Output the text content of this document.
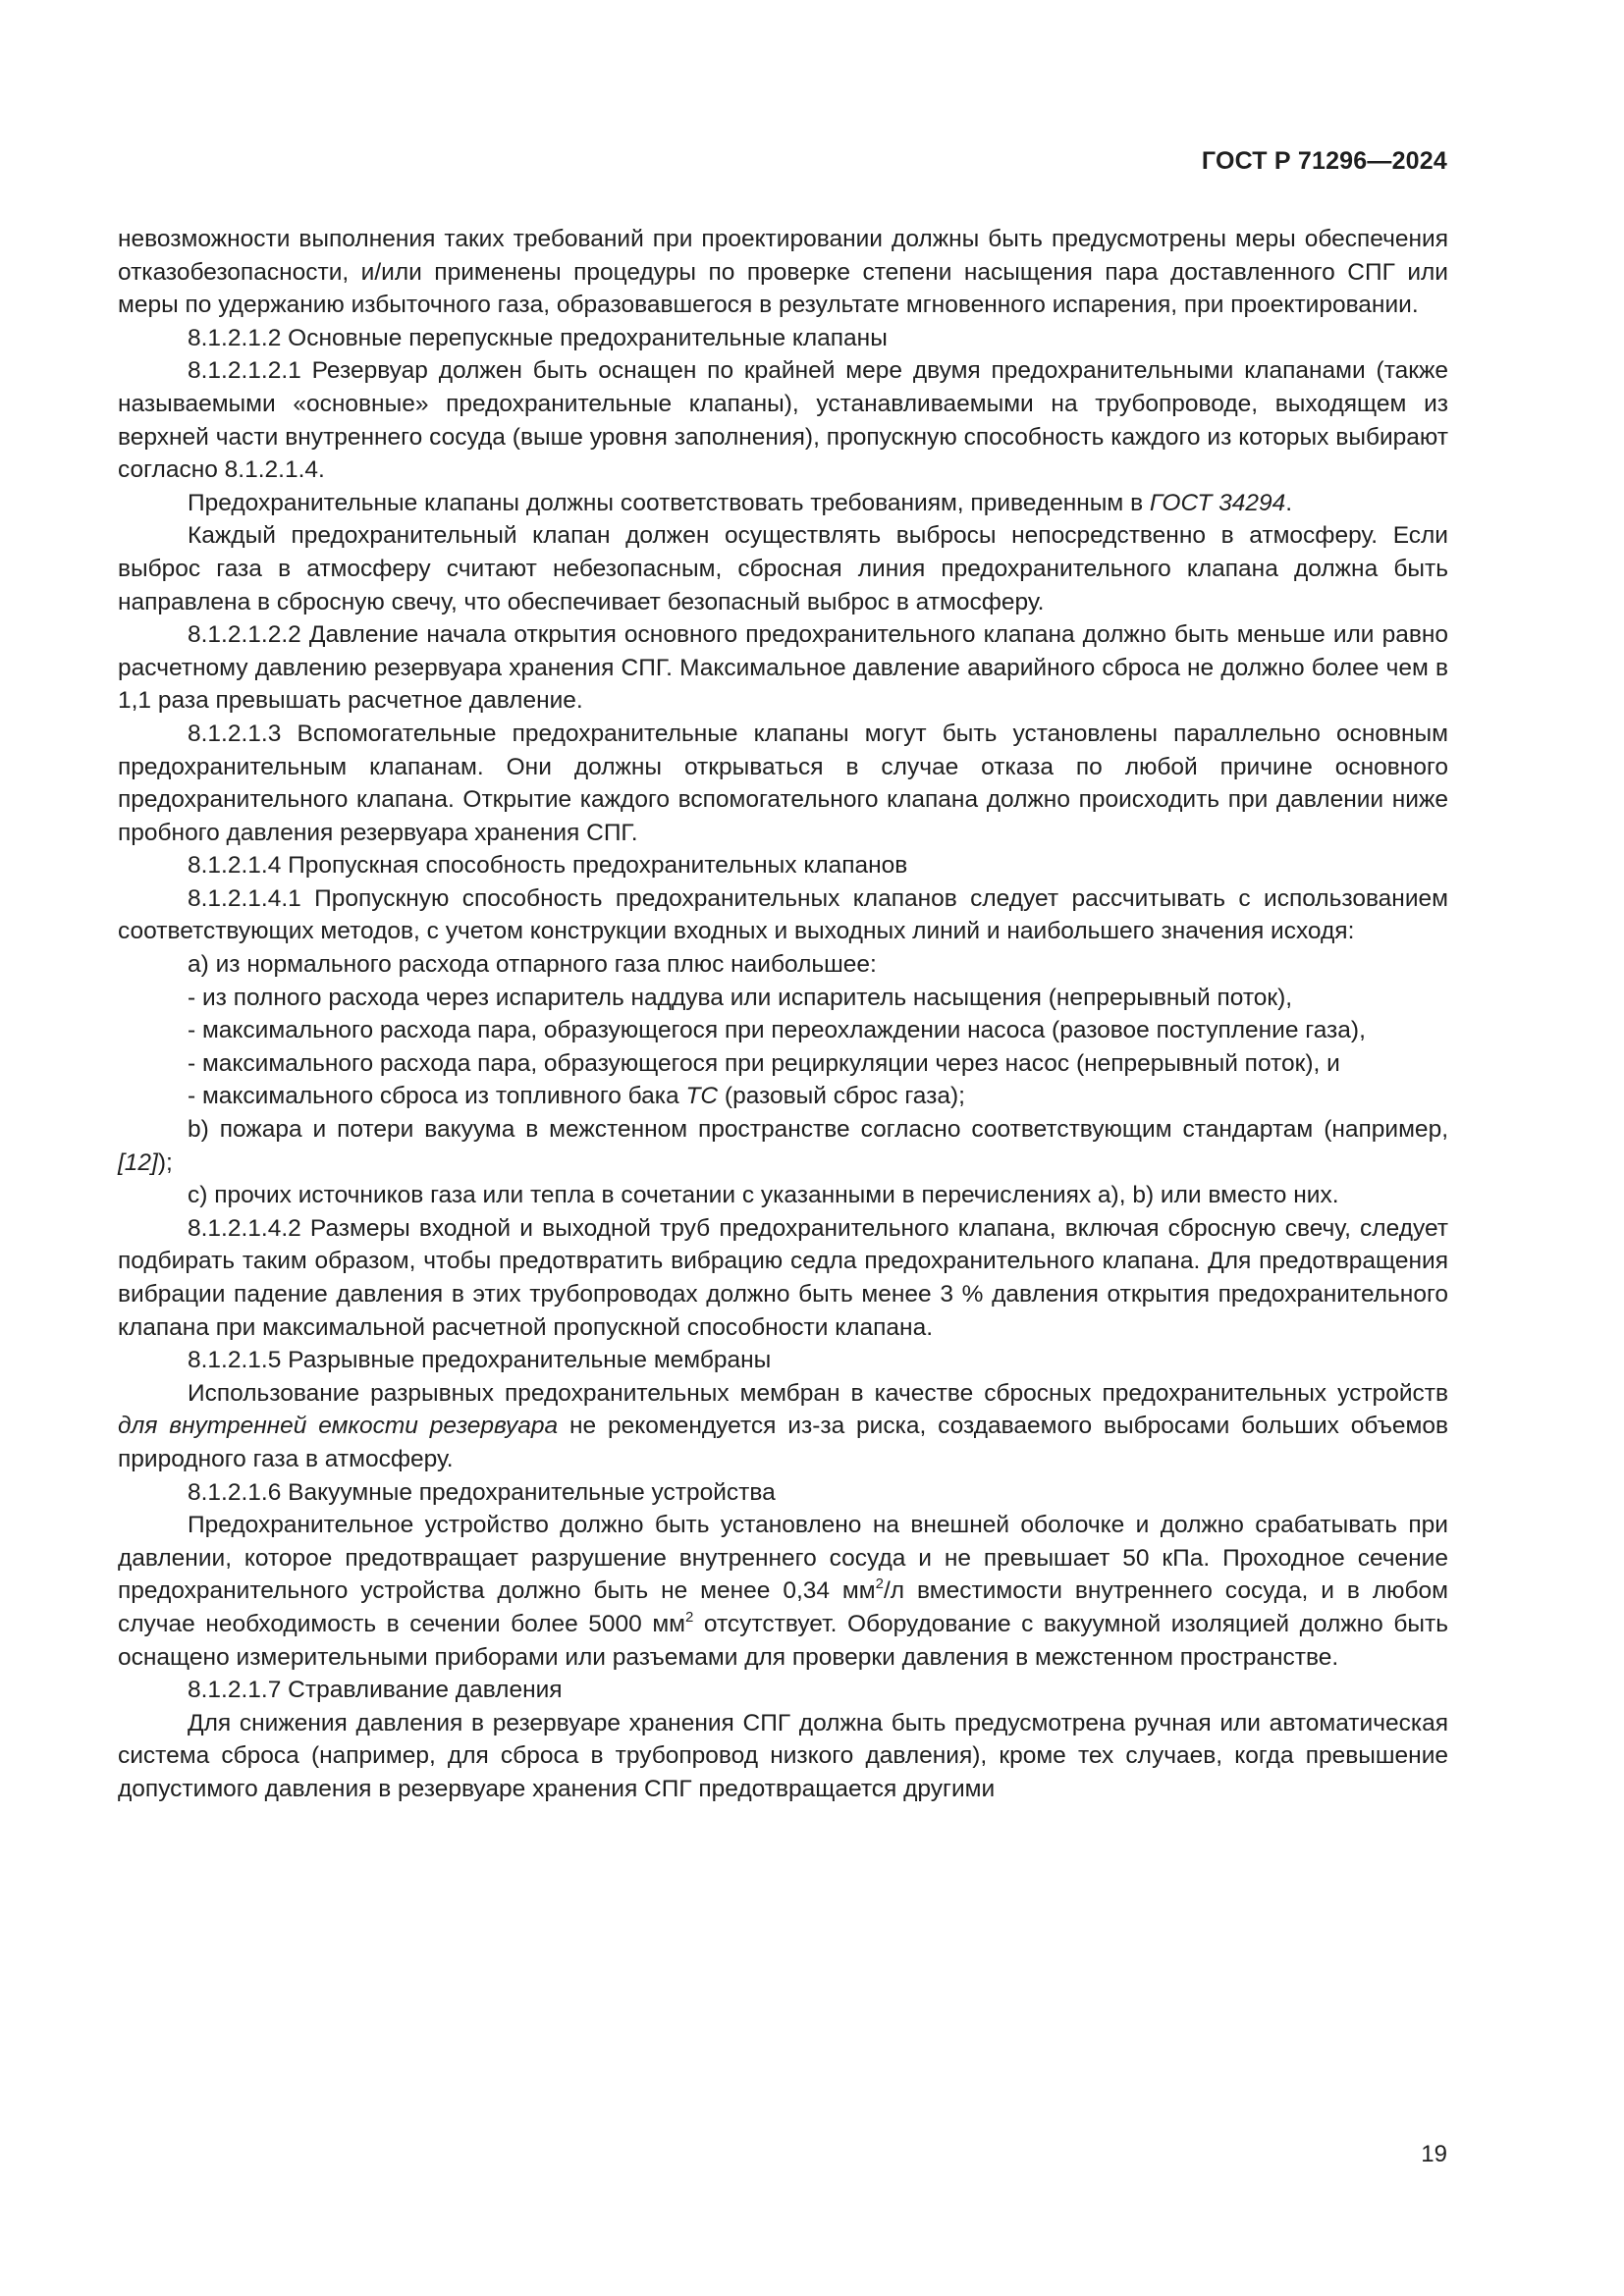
ГОСТ Р 71296—2024

невозможности выполнения таких требований при проектировании должны быть предусмотрены меры обеспечения отказобезопасности, и/или применены процедуры по проверке степени насыщения пара доставленного СПГ или меры по удержанию избыточного газа, образовавшегося в результате мгновенного испарения, при проектировании.

8.1.2.1.2 Основные перепускные предохранительные клапаны

8.1.2.1.2.1 Резервуар должен быть оснащен по крайней мере двумя предохранительными клапанами (также называемыми «основные» предохранительные клапаны), устанавливаемыми на трубопроводе, выходящем из верхней части внутреннего сосуда (выше уровня заполнения), пропускную способность каждого из которых выбирают согласно 8.1.2.1.4.

Предохранительные клапаны должны соответствовать требованиям, приведенным в ГОСТ 34294.

Каждый предохранительный клапан должен осуществлять выбросы непосредственно в атмосферу. Если выброс газа в атмосферу считают небезопасным, сбросная линия предохранительного клапана должна быть направлена в сбросную свечу, что обеспечивает безопасный выброс в атмосферу.

8.1.2.1.2.2 Давление начала открытия основного предохранительного клапана должно быть меньше или равно расчетному давлению резервуара хранения СПГ. Максимальное давление аварийного сброса не должно более чем в 1,1 раза превышать расчетное давление.

8.1.2.1.3 Вспомогательные предохранительные клапаны могут быть установлены параллельно основным предохранительным клапанам. Они должны открываться в случае отказа по любой причине основного предохранительного клапана. Открытие каждого вспомогательного клапана должно происходить при давлении ниже пробного давления резервуара хранения СПГ.

8.1.2.1.4 Пропускная способность предохранительных клапанов

8.1.2.1.4.1 Пропускную способность предохранительных клапанов следует рассчитывать с использованием соответствующих методов, с учетом конструкции входных и выходных линий и наибольшего значения исходя:

a) из нормального расхода отпарного газа плюс наибольшее:

- из полного расхода через испаритель наддува или испаритель насыщения (непрерывный поток),

- максимального расхода пара, образующегося при переохлаждении насоса (разовое поступление газа),

- максимального расхода пара, образующегося при рециркуляции через насос (непрерывный поток), и

- максимального сброса из топливного бака ТС (разовый сброс газа);

b) пожара и потери вакуума в межстенном пространстве согласно соответствующим стандартам (например, [12]);

c) прочих источников газа или тепла в сочетании с указанными в перечислениях a), b) или вместо них.

8.1.2.1.4.2 Размеры входной и выходной труб предохранительного клапана, включая сбросную свечу, следует подбирать таким образом, чтобы предотвратить вибрацию седла предохранительного клапана. Для предотвращения вибрации падение давления в этих трубопроводах должно быть менее 3 % давления открытия предохранительного клапана при максимальной расчетной пропускной способности клапана.

8.1.2.1.5 Разрывные предохранительные мембраны

Использование разрывных предохранительных мембран в качестве сбросных предохранительных устройств для внутренней емкости резервуара не рекомендуется из-за риска, создаваемого выбросами больших объемов природного газа в атмосферу.

8.1.2.1.6 Вакуумные предохранительные устройства

Предохранительное устройство должно быть установлено на внешней оболочке и должно срабатывать при давлении, которое предотвращает разрушение внутреннего сосуда и не превышает 50 кПа. Проходное сечение предохранительного устройства должно быть не менее 0,34 $мм^2/л$ вместимости внутреннего сосуда, и в любом случае необходимость в сечении более 5000 $мм^2$ отсутствует. Оборудование с вакуумной изоляцией должно быть оснащено измерительными приборами или разъемами для проверки давления в межстенном пространстве.

8.1.2.1.7 Стравливание давления

Для снижения давления в резервуаре хранения СПГ должна быть предусмотрена ручная или автоматическая система сброса (например, для сброса в трубопровод низкого давления), кроме тех случаев, когда превышение допустимого давления в резервуаре хранения СПГ предотвращается другими

19
